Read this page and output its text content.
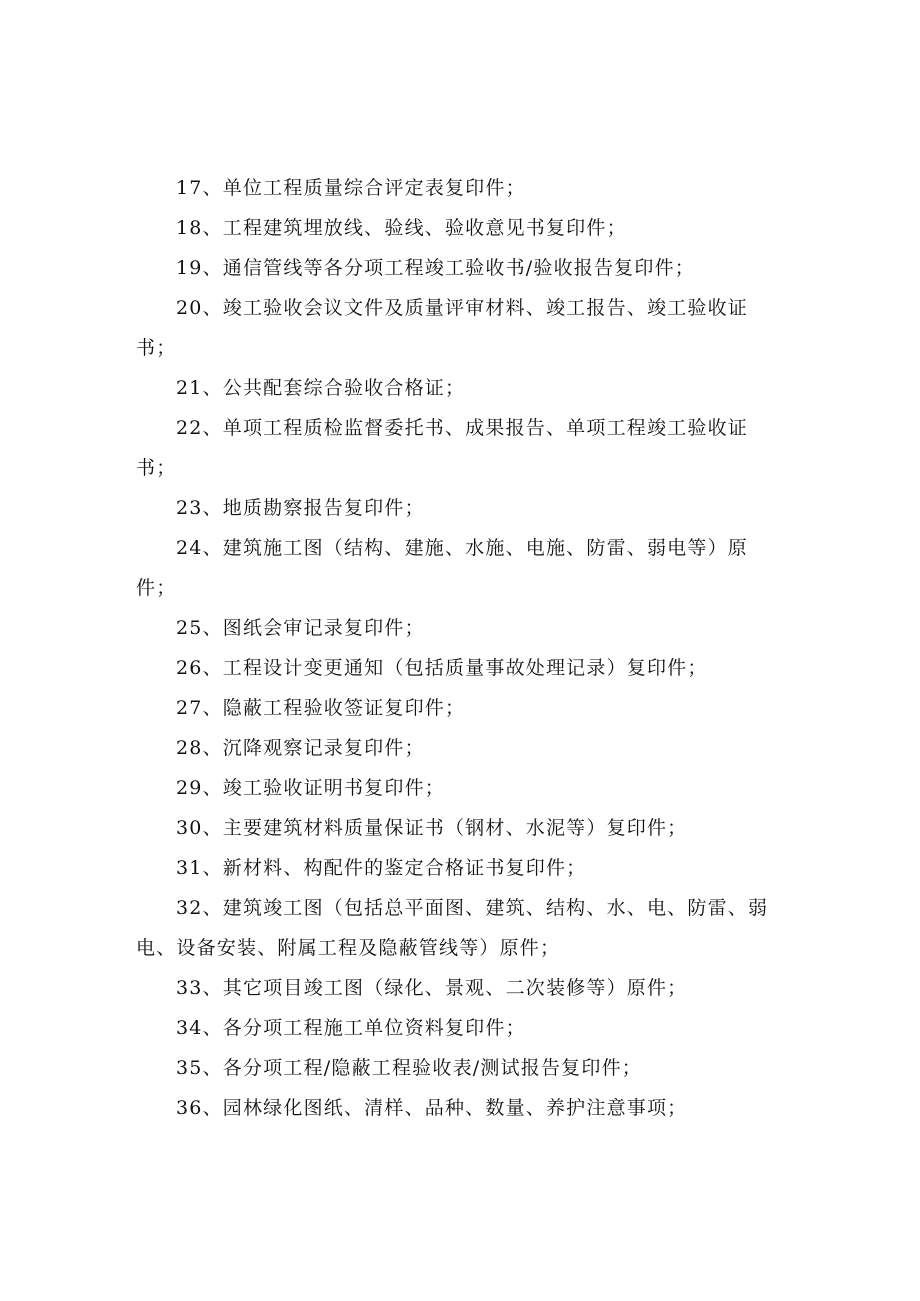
17、单位工程质量综合评定表复印件；

18、工程建筑埋放线、验线、验收意见书复印件；

19、通信管线等各分项工程竣工验收书/验收报告复印件；

20、竣工验收会议文件及质量评审材料、竣工报告、竣工验收证书；

21、公共配套综合验收合格证；

22、单项工程质检监督委托书、成果报告、单项工程竣工验收证书；

23、地质勘察报告复印件；

24、建筑施工图（结构、建施、水施、电施、防雷、弱电等）原件；

25、图纸会审记录复印件；

26、工程设计变更通知（包括质量事故处理记录）复印件；

27、隐蔽工程验收签证复印件；

28、沉降观察记录复印件；

29、竣工验收证明书复印件；

30、主要建筑材料质量保证书（钢材、水泥等）复印件；

31、新材料、构配件的鉴定合格证书复印件；

32、建筑竣工图（包括总平面图、建筑、结构、水、电、防雷、弱电、设备安装、附属工程及隐蔽管线等）原件；

33、其它项目竣工图（绿化、景观、二次装修等）原件；

34、各分项工程施工单位资料复印件；

35、各分项工程/隐蔽工程验收表/测试报告复印件；

36、园林绿化图纸、清样、品种、数量、养护注意事项；
